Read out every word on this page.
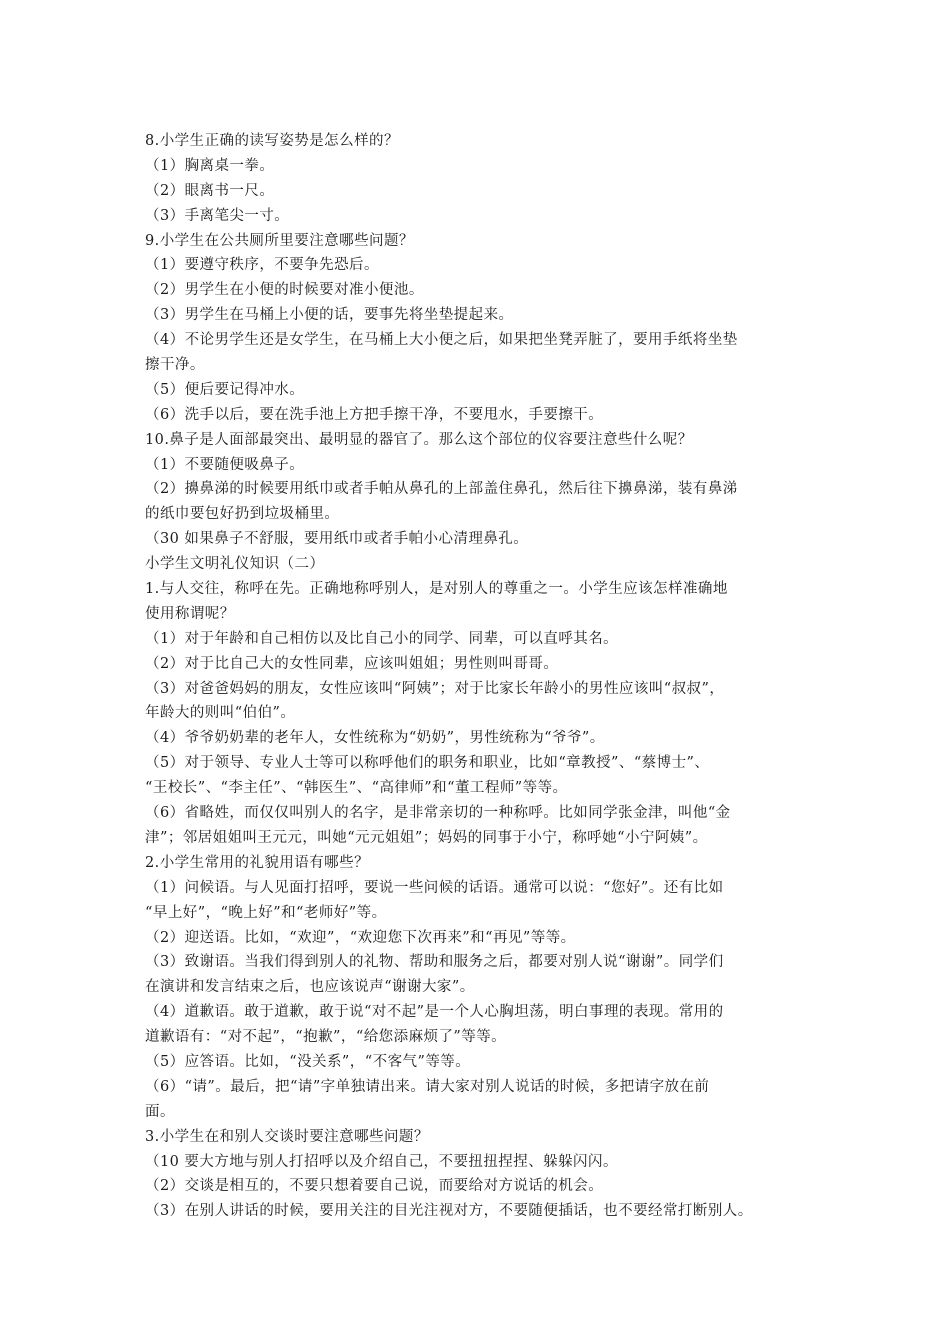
8.小学生正确的读写姿势是怎么样的？
（1）胸离桌一拳。
（2）眼离书一尺。
（3）手离笔尖一寸。
9.小学生在公共厕所里要注意哪些问题？
（1）要遵守秩序，不要争先恐后。
（2）男学生在小便的时候要对准小便池。
（3）男学生在马桶上小便的话，要事先将坐垫提起来。
（4）不论男学生还是女学生，在马桶上大小便之后，如果把坐凳弄脏了，要用手纸将坐垫
擦干净。
（5）便后要记得冲水。
（6）洗手以后，要在洗手池上方把手擦干净，不要甩水，手要擦干。
10.鼻子是人面部最突出、最明显的器官了。那么这个部位的仪容要注意些什么呢？
（1）不要随便吸鼻子。
（2）擤鼻涕的时候要用纸巾或者手帕从鼻孔的上部盖住鼻孔，然后往下擤鼻涕，装有鼻涕
的纸巾要包好扔到垃圾桶里。
（30 如果鼻子不舒服，要用纸巾或者手帕小心清理鼻孔。
小学生文明礼仪知识（二）
1.与人交往，称呼在先。正确地称呼别人，是对别人的尊重之一。小学生应该怎样准确地
使用称谓呢？
（1）对于年龄和自己相仿以及比自己小的同学、同辈，可以直呼其名。
（2）对于比自己大的女性同辈，应该叫姐姐；男性则叫哥哥。
（3）对爸爸妈妈的朋友，女性应该叫“阿姨”；对于比家长年龄小的男性应该叫“叔叔”，
年龄大的则叫“伯伯”。
（4）爷爷奶奶辈的老年人，女性统称为“奶奶”，男性统称为“爷爷”。
（5）对于领导、专业人士等可以称呼他们的职务和职业，比如“章教授”、“蔡博士”、
“王校长”、“李主任”、“韩医生”、“高律师”和“董工程师”等等。
（6）省略姓，而仅仅叫别人的名字，是非常亲切的一种称呼。比如同学张金津，叫他“金
津”；邻居姐姐叫王元元，叫她“元元姐姐”；妈妈的同事于小宁，称呼她“小宁阿姨”。
2.小学生常用的礼貌用语有哪些？
（1）问候语。与人见面打招呼，要说一些问候的话语。通常可以说：“您好”。还有比如
“早上好”，“晚上好”和“老师好”等。
（2）迎送语。比如，“欢迎”，“欢迎您下次再来”和“再见”等等。
（3）致谢语。当我们得到别人的礼物、帮助和服务之后，都要对别人说“谢谢”。同学们
在演讲和发言结束之后，也应该说声“谢谢大家”。
（4）道歉语。敢于道歉，敢于说“对不起”是一个人心胸坦荡，明白事理的表现。常用的
道歉语有：“对不起”，“抱歉”，“给您添麻烦了”等等。
（5）应答语。比如，“没关系”，“不客气”等等。
（6）“请”。最后，把“请”字单独请出来。请大家对别人说话的时候，多把请字放在前
面。
3.小学生在和别人交谈时要注意哪些问题？
（10 要大方地与别人打招呼以及介绍自己，不要扭扭捏捏、躲躲闪闪。
（2）交谈是相互的，不要只想着要自己说，而要给对方说话的机会。
（3）在别人讲话的时候，要用关注的目光注视对方，不要随便插话，也不要经常打断别人。
